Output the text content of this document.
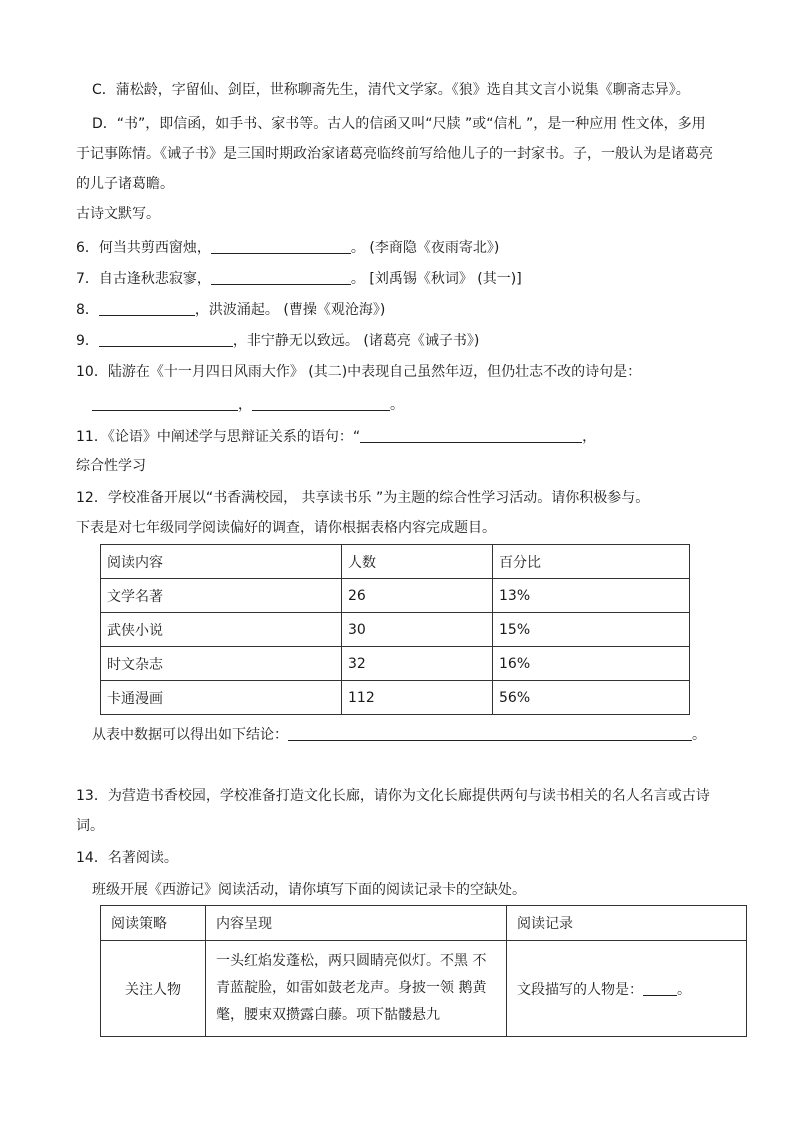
C．蒲松龄，字留仙、剑臣，世称聊斋先生，清代文学家。《狼》选自其文言小说集《聊斋志异》。
D．“书”，即信函，如手书、家书等。古人的信函又叫“尺牍 ”或“信札 ”，是一种应用 性文体，多用
于记事陈情。《诫子书》是三国时期政治家诸葛亮临终前写给他儿子的一封家书。子，一般认为是诸葛亮
的儿子诸葛瞻。
古诗文默写。
6．何当共剪西窗烛，	。 (李商隐《夜雨寄北》)
7．自古逢秋悲寂寥，	。 [刘禹锡《秋词》 (其一)]
8．	，洪波涌起。 (曹操《观沧海》)
9．	，非宁静无以致远。 (诸葛亮《诫子书》)
10．陆游在《十一月四日风雨大作》 (其二)中表现自己虽然年迈，但仍壮志不改的诗句是：
，	。
11．《论语》中阐述学与思辩证关系的语句：“	，
综合性学习
12．学校准备开展以“书香满校园， 共享读书乐 ”为主题的综合性学习活动。请你积极参与。
下表是对七年级同学阅读偏好的调查，请你根据表格内容完成题目。
阅读内容	人数	百分比
文学名著	26	13%
武侠小说	30	15%
时文杂志	32	16%
卡通漫画	112	56%
从表中数据可以得出如下结论：	。
13．为营造书香校园，学校准备打造文化长廊，请你为文化长廊提供两句与读书相关的名人名言或古诗
词。
14．名著阅读。
班级开展《西游记》阅读活动，请你填写下面的阅读记录卡的空缺处。
阅读策略	内容呈现	阅读记录
关注人物	一头红焰发蓬松，两只圆睛亮似灯。不黑 不
青蓝靛脸，如雷如鼓老龙声。身披一领 鹅黄
氅，腰束双攒露白藤。项下骷髅悬九	文段描写的人物是： 。
